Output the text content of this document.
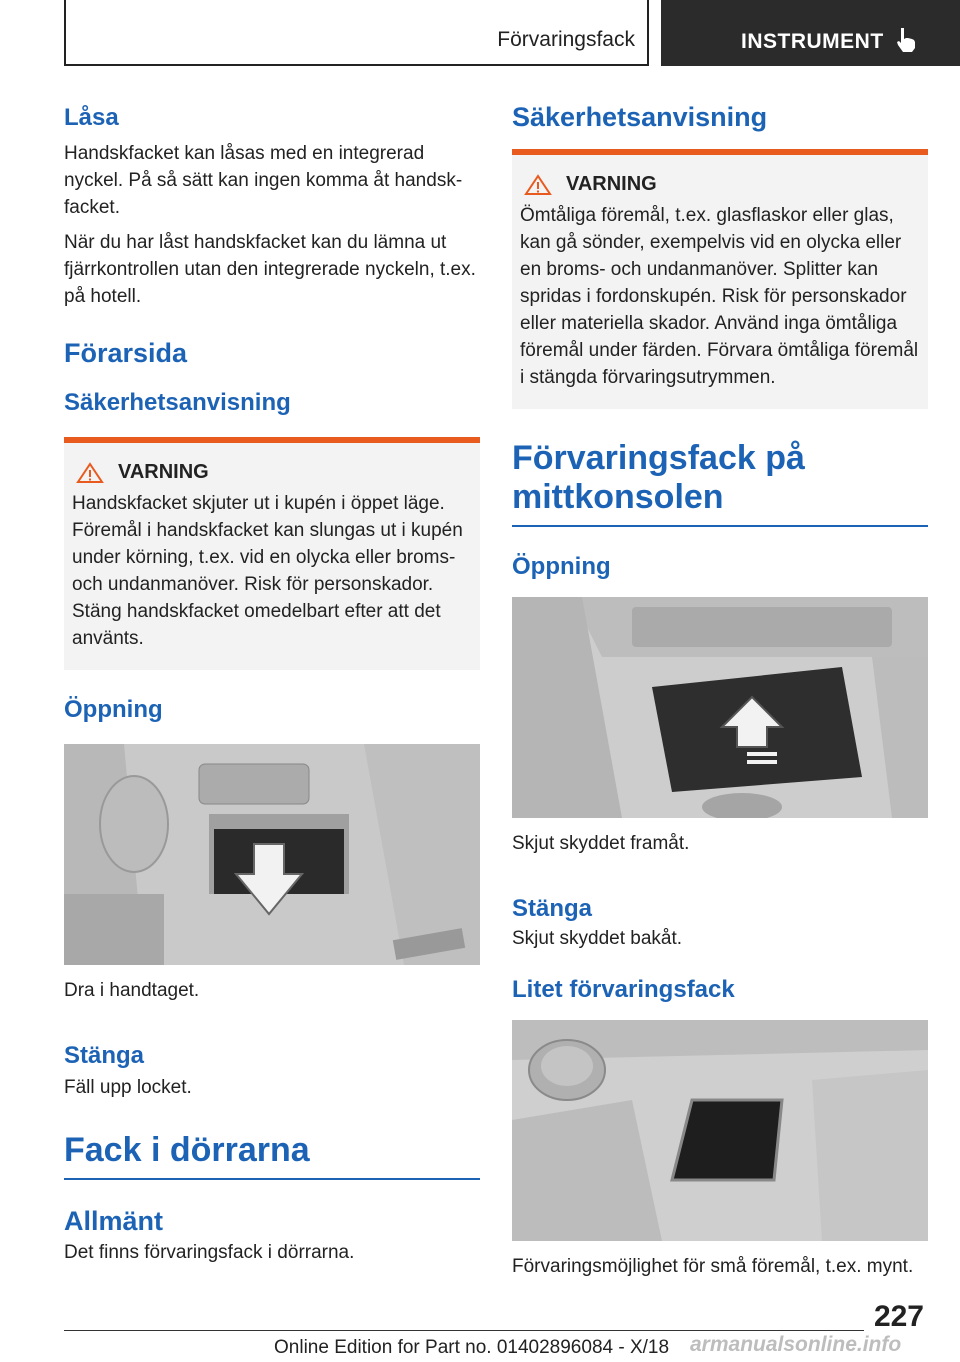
Förvaringsfack	INSTRUMENT
Låsa
Handskfacket kan låsas med en integrerad nyckel. På så sätt kan ingen komma åt handskfacket.
När du har låst handskfacket kan du lämna ut fjärrkontrollen utan den integrerade nyckeln, t.ex. på hotell.
Förarsida
Säkerhetsanvisning
VARNING
Handskfacket skjuter ut i kupén i öppet läge. Föremål i handskfacket kan slungas ut i kupén under körning, t.ex. vid en olycka eller broms- och undanmanöver. Risk för personskador. Stäng handskfacket omedelbart efter att det använts.
Öppning
Dra i handtaget.
Stänga
Fäll upp locket.
Fack i dörrarna
Allmänt
Det finns förvaringsfack i dörrarna.
Säkerhetsanvisning
VARNING
Ömtåliga föremål, t.ex. glasflaskor eller glas, kan gå sönder, exempelvis vid en olycka eller en broms- och undanmanöver. Splitter kan spridas i fordonskupén. Risk för personskador eller materiella skador. Använd inga ömtåliga föremål under färden. Förvara ömtåliga föremål i stängda förvaringsutrymmen.
Förvaringsfack på mittkonsolen
Öppning
Skjut skyddet framåt.
Stänga
Skjut skyddet bakåt.
Litet förvaringsfack
Förvaringsmöjlighet för små föremål, t.ex. mynt.
227
Online Edition for Part no. 01402896084 - X/18 armanualsonline.info
